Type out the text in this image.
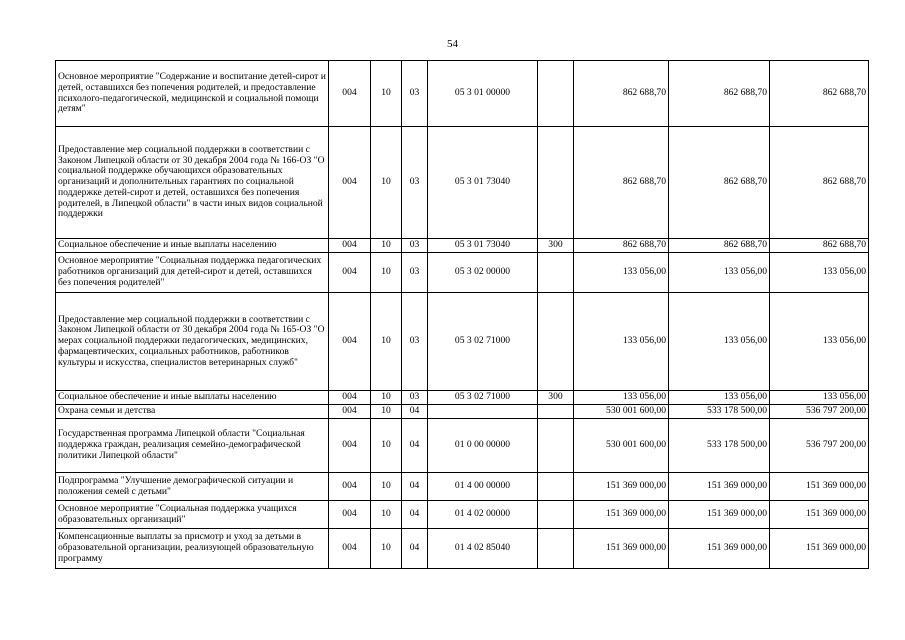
54
Основное мероприятие "Содержание и воспитание детей-сирот и детей, оставшихся без попечения родителей, и предоставление психолого-педагогической, медицинской и социальной помощи детям"	004	10	03	05 3 01 00000		862 688,70	862 688,70	862 688,70
Предоставление мер социальной поддержки в соответствии с Законом Липецкой области от 30 декабря 2004 года № 166-ОЗ "О социальной поддержке обучающихся образовательных организаций и дополнительных гарантиях по социальной поддержке детей-сирот и детей, оставшихся без попечения родителей, в Липецкой области" в части иных видов социальной поддержки	004	10	03	05 3 01 73040		862 688,70	862 688,70	862 688,70
Социальное обеспечение и иные выплаты населению	004	10	03	05 3 01 73040	300	862 688,70	862 688,70	862 688,70
Основное мероприятие "Социальная поддержка педагогических работников организаций для детей-сирот и детей, оставшихся без попечения родителей"	004	10	03	05 3 02 00000		133 056,00	133 056,00	133 056,00
Предоставление мер социальной поддержки в соответствии с Законом Липецкой области от 30 декабря 2004 года № 165-ОЗ "О мерах социальной поддержки педагогических, медицинских, фармацевтических, социальных работников, работников культуры и искусства, специалистов ветеринарных служб"	004	10	03	05 3 02 71000		133 056,00	133 056,00	133 056,00
Социальное обеспечение и иные выплаты населению	004	10	03	05 3 02 71000	300	133 056,00	133 056,00	133 056,00
Охрана семьи и детства	004	10	04			530 001 600,00	533 178 500,00	536 797 200,00
Государственная программа Липецкой области "Социальная поддержка граждан, реализация семейно-демографической политики Липецкой области"	004	10	04	01 0 00 00000		530 001 600,00	533 178 500,00	536 797 200,00
Подпрограмма "Улучшение демографической ситуации и положения семей с детьми"	004	10	04	01 4 00 00000		151 369 000,00	151 369 000,00	151 369 000,00
Основное мероприятие "Социальная поддержка учащихся образовательных организаций"	004	10	04	01 4 02 00000		151 369 000,00	151 369 000,00	151 369 000,00
Компенсационные выплаты за присмотр и уход за детьми в образовательной организации, реализующей образовательную программу	004	10	04	01 4 02 85040		151 369 000,00	151 369 000,00	151 369 000,00
